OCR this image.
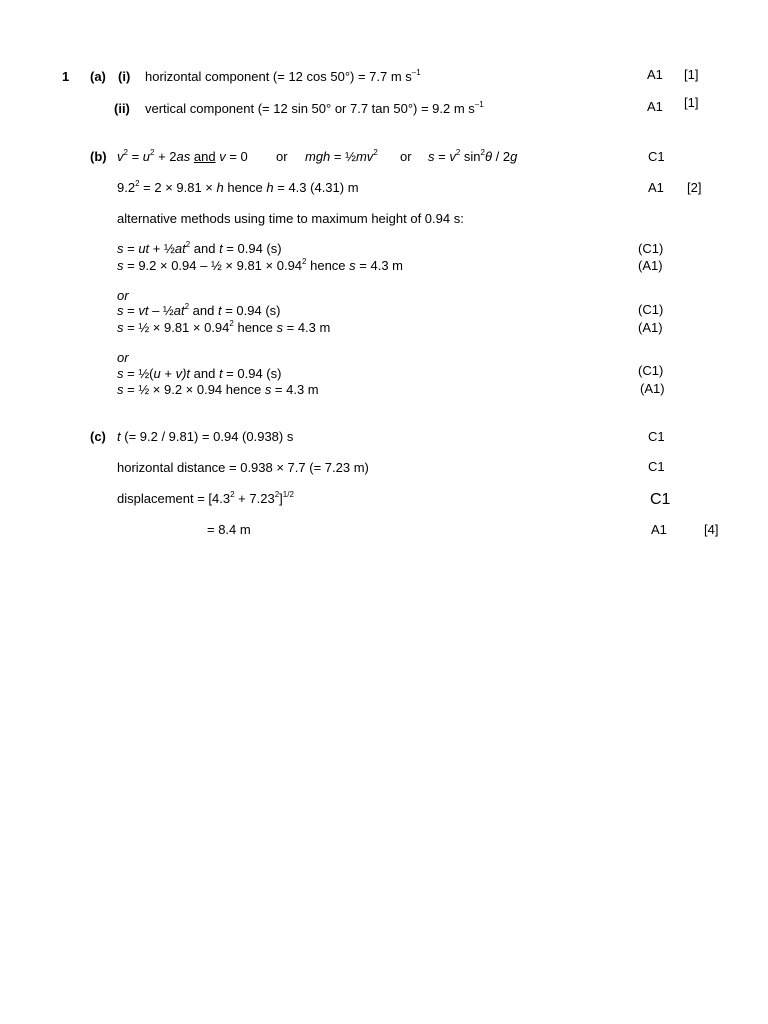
1 (a) (i) horizontal component (= 12 cos 50°) = 7.7 m $s^{-1}$	A1 [1]
(ii) vertical component (= 12 sin 50° or 7.7 tan 50°) = 9.2 m $s^{-1}$	A1 [1]
(b) $v^2 = u^2 + 2as$ and v = 0 or mgh = $\frac{1}{2}mv^2$ or $s = v^2$ $\sin^2\theta / 2g$	C1
$9.2^2 = 2 \times 9.81 \times h$ hence h = 4.3 (4.31) m	A1 [2]
alternative methods using time to maximum height of 0.94 s:
s = ut + $\frac{1}{2}at^2$ and t = 0.94 (s)	(C1)
s = 9.2 × 0.94 – ½ × $9.81 \times 0.94^2$ hence s = 4.3 m	(A1)
or
s = vt – $\frac{1}{2}at^2$ and t = 0.94 (s)	(C1)
s = ½ × $9.81 \times 0.94^2$ hence s = 4.3 m	(A1)
or
s = ½(u + v)t and t = 0.94 (s)	(C1)
s = ½ × 9.2 × 0.94 hence s = 4.3 m	(A1)
(c) t (= 9.2 / 9.81) = 0.94 (0.938) s	C1
horizontal distance = 0.938 × 7.7 (= 7.23 m)	C1
displacement = $[4.3^2 + 7.23^2]^{1/2}$	C1
= 8.4 m	A1	[4]
